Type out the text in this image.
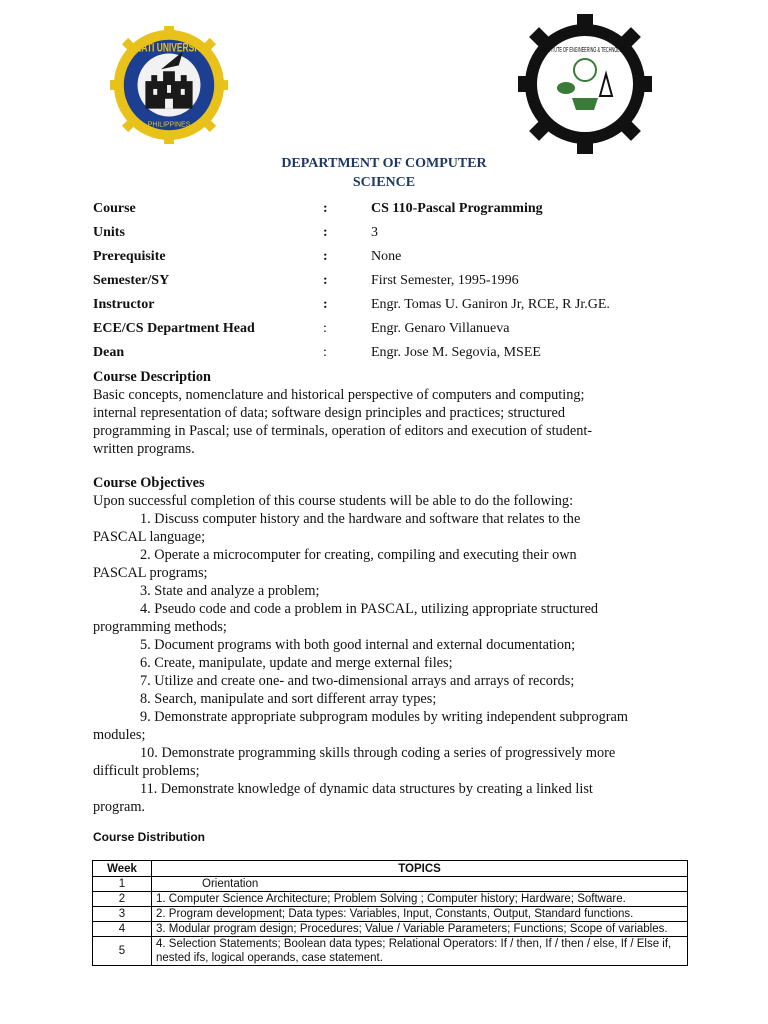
FEATI UNIVERSITY
PHILIPPINES
INSTITUTE OF ENGINEERING & TECHNOLOGY
DEPARTMENT OF COMPUTER
SCIENCE
Course	:	CS 110-Pascal Programming
Units	:	3
Prerequisite	:	None
Semester/SY	:	First Semester, 1995-1996
Instructor	:	Engr. Tomas U. Ganiron Jr, RCE, R Jr.GE.
ECE/CS Department Head	:	Engr. Genaro Villanueva
Dean	:	Engr. Jose M. Segovia, MSEE
Course Description
Basic concepts, nomenclature and historical perspective of computers and computing;
internal representation of data; software design principles and practices; structured
programming in Pascal; use of terminals, operation of editors and execution of student-
written programs.
Course Objectives
Upon successful completion of this course students will be able to do the following:
1. Discuss computer history and the hardware and software that relates to the
PASCAL language;
2. Operate a microcomputer for creating, compiling and executing their own
PASCAL programs;
3. State and analyze a problem;
4. Pseudo code and code a problem in PASCAL, utilizing appropriate structured
programming methods;
5. Document programs with both good internal and external documentation;
6. Create, manipulate, update and merge external files;
7. Utilize and create one- and two-dimensional arrays and arrays of records;
8. Search, manipulate and sort different array types;
9. Demonstrate appropriate subprogram modules by writing independent subprogram
modules;
10. Demonstrate programming skills through coding a series of progressively more
difficult problems;
11. Demonstrate knowledge of dynamic data structures by creating a linked list
program.
Course Distribution
Week	TOPICS
1	Orientation
2	1. Computer Science Architecture; Problem Solving ; Computer history; Hardware; Software.
3	2. Program development; Data types: Variables, Input, Constants, Output, Standard functions.
4	3. Modular program design; Procedures; Value / Variable Parameters; Functions; Scope of variables.
5	4. Selection Statements; Boolean data types; Relational Operators: If / then, If / then / else, If / Else if, nested ifs, logical operands, case statement.
